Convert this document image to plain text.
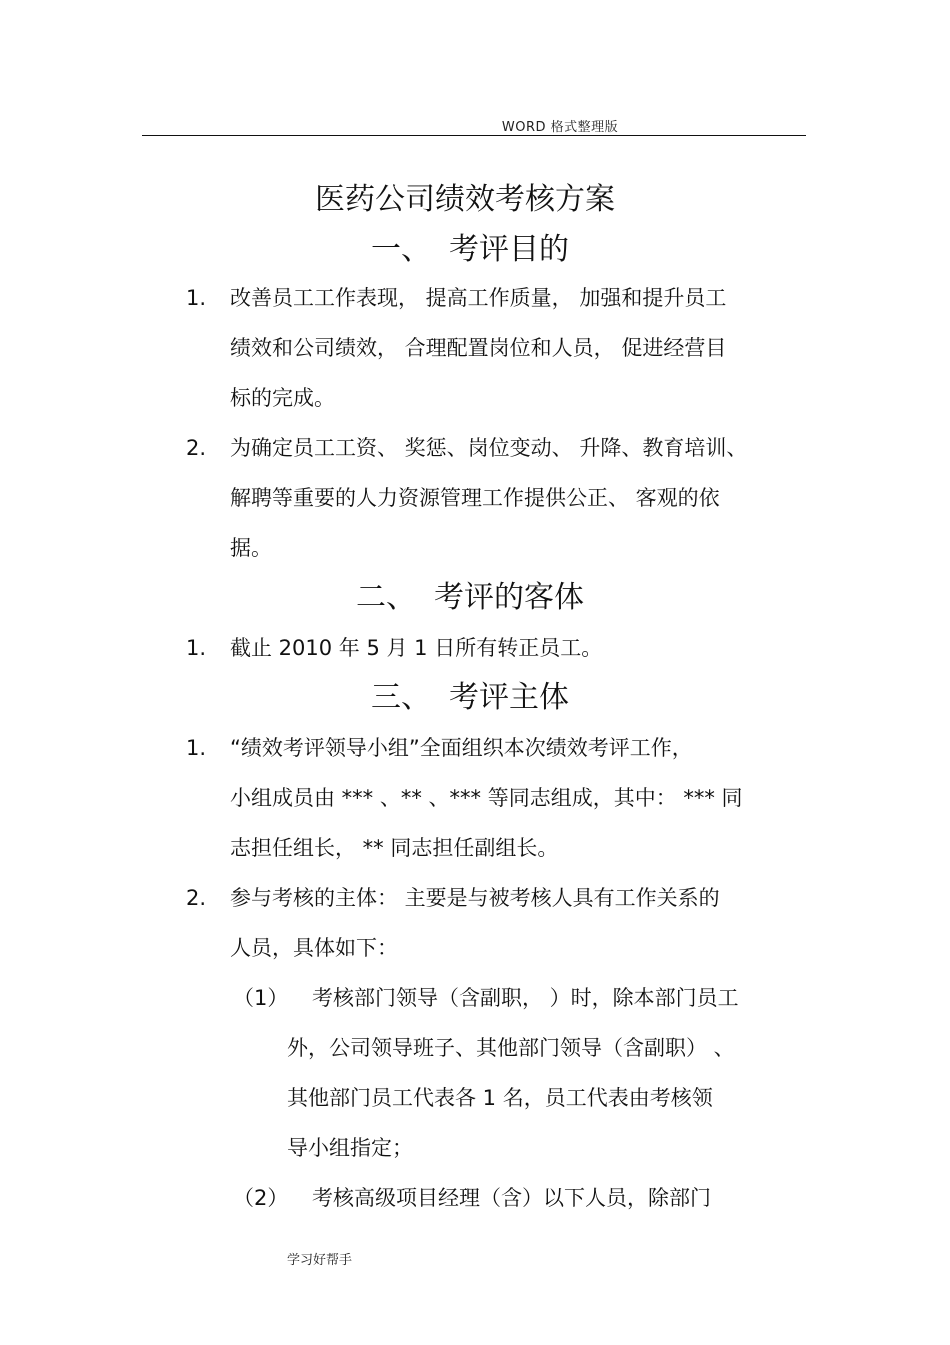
WORD 格式整理版
医药公司绩效考核方案
一、 考评目的
1. 改善员工工作表现， 提高工作质量， 加强和提升员工
绩效和公司绩效， 合理配置岗位和人员， 促进经营目
标的完成。
2. 为确定员工工资、 奖惩、岗位变动、 升降、教育培训、
解聘等重要的人力资源管理工作提供公正、 客观的依
据。
二、 考评的客体
1. 截止 2010 年 5 月 1 日所有转正员工。
三、 考评主体
1. “绩效考评领导小组”全面组织本次绩效考评工作，
小组成员由 *** 、** 、*** 等同志组成，其中： *** 同
志担任组长， ** 同志担任副组长。
2. 参与考核的主体： 主要是与被考核人具有工作关系的
人员，具体如下：
（1） 考核部门领导（含副职， ）时，除本部门员工
外，公司领导班子、其他部门领导（含副职） 、
其他部门员工代表各 1 名，员工代表由考核领
导小组指定；
（2） 考核高级项目经理（含）以下人员，除部门
学习好帮手
